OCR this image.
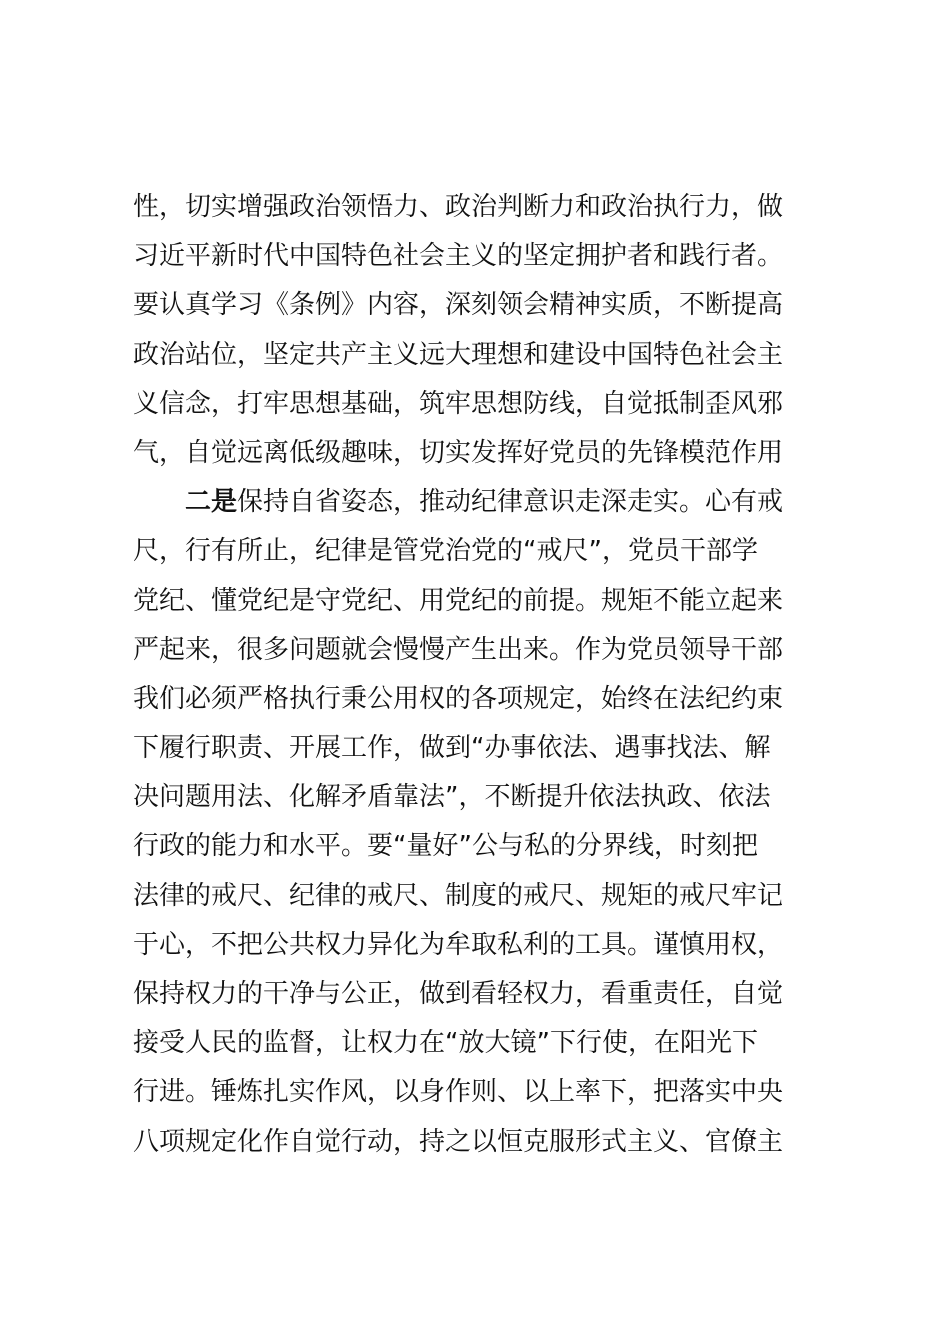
性，切实增强政治领悟力、政治判断力和政治执行力，做
习近平新时代中国特色社会主义的坚定拥护者和践行者。
要认真学习《条例》内容，深刻领会精神实质，不断提高
政治站位，坚定共产主义远大理想和建设中国特色社会主
义信念，打牢思想基础，筑牢思想防线，自觉抵制歪风邪
气，自觉远离低级趣味，切实发挥好党员的先锋模范作用
二是保持自省姿态，推动纪律意识走深走实。心有戒
尺，行有所止，纪律是管党治党的“戒尺”，党员干部学
党纪、懂党纪是守党纪、用党纪的前提。规矩不能立起来
严起来，很多问题就会慢慢产生出来。作为党员领导干部
我们必须严格执行秉公用权的各项规定，始终在法纪约束
下履行职责、开展工作，做到“办事依法、遇事找法、解
决问题用法、化解矛盾靠法”，不断提升依法执政、依法
行政的能力和水平。要“量好”公与私的分界线，时刻把
法律的戒尺、纪律的戒尺、制度的戒尺、规矩的戒尺牢记
于心，不把公共权力异化为牟取私利的工具。谨慎用权，
保持权力的干净与公正，做到看轻权力，看重责任，自觉
接受人民的监督，让权力在“放大镜”下行使，在阳光下
行进。锤炼扎实作风，以身作则、以上率下，把落实中央
八项规定化作自觉行动，持之以恒克服形式主义、官僚主
